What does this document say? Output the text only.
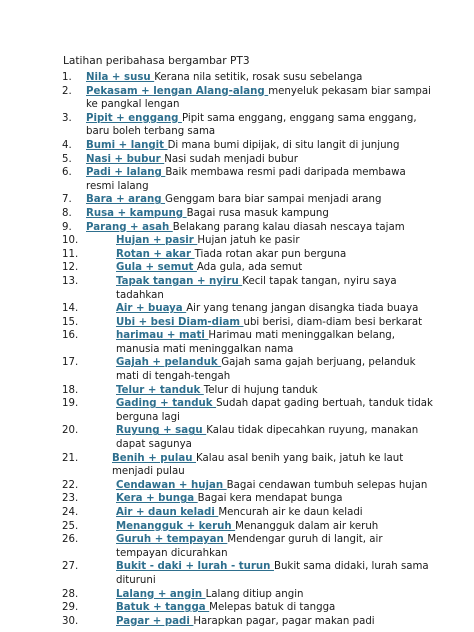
Latihan peribahasa bergambar PT3
1.	Nila + susu Kerana nila setitik, rosak susu sebelanga
2.	Pekasam + lengan Alang-alang menyeluk pekasam biar sampai ke pangkal lengan
3.	Pipit + enggang Pipit sama enggang, enggang sama enggang, baru boleh terbang sama
4.	Bumi + langit Di mana bumi dipijak, di situ langit di junjung
5.	Nasi + bubur Nasi sudah menjadi bubur
6.	Padi + lalang Baik membawa resmi padi daripada membawa resmi lalang
7.	Bara + arang Genggam bara biar sampai menjadi arang
8.	Rusa + kampung Bagai rusa masuk kampung
9.	Parang + asah Belakang parang kalau diasah nescaya tajam
10.	Hujan + pasir Hujan jatuh ke pasir
11.	Rotan + akar Tiada rotan akar pun berguna
12.	Gula + semut Ada gula, ada semut
13.	Tapak tangan + nyiru Kecil tapak tangan, nyiru saya tadahkan
14.	Air + buaya Air yang tenang jangan disangka tiada buaya
15.	Ubi + besi Diam-diam ubi berisi, diam-diam besi berkarat
16.	harimau + mati Harimau mati meninggalkan belang, manusia mati meninggalkan nama
17.	Gajah + pelanduk Gajah sama gajah berjuang, pelanduk mati di tengah-tengah
18.	Telur + tanduk Telur di hujung tanduk
19.	Gading + tanduk Sudah dapat gading bertuah, tanduk tidak berguna lagi
20.	Ruyung + sagu Kalau tidak dipecahkan ruyung, manakan dapat sagunya
21.	Benih + pulau Kalau asal benih yang baik, jatuh ke laut menjadi pulau
22.	Cendawan + hujan Bagai cendawan tumbuh selepas hujan
23.	Kera + bunga Bagai kera mendapat bunga
24.	Air + daun keladi Mencurah air ke daun keladi
25.	Menangguk + keruh Menangguk dalam air keruh
26.	Guruh + tempayan Mendengar guruh di langit, air tempayan dicurahkan
27.	Bukit - daki + lurah - turun Bukit sama didaki, lurah sama dituruni
28.	Lalang + angin Lalang ditiup angin
29.	Batuk + tangga Melepas batuk di tangga
30.	Pagar + padi Harapkan pagar, pagar makan padi
